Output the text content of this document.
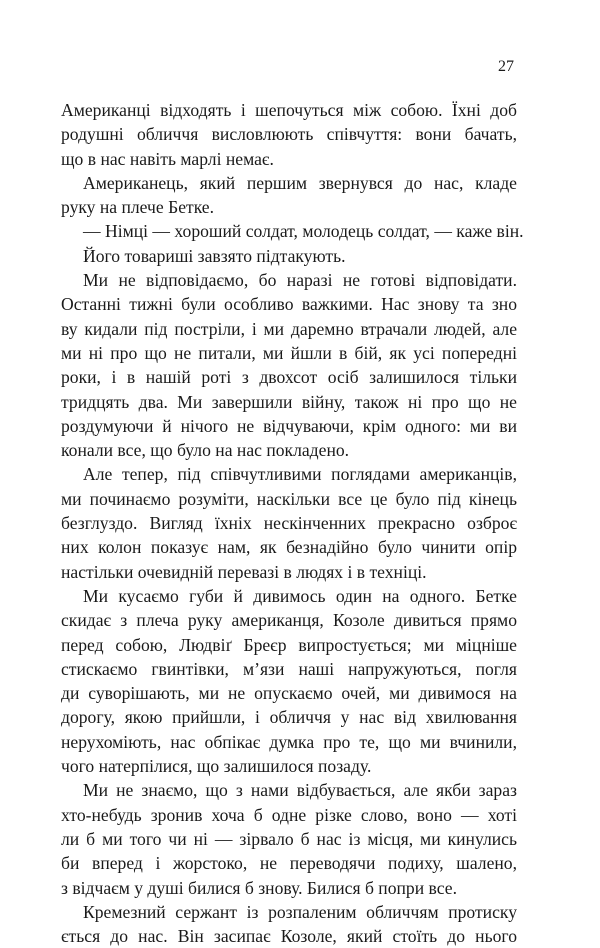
27
Американці відходять і шепочуться між собою. Їхні доб
родушні обличчя висловлюють співчуття: вони бачать,
що в нас навіть марлі немає.
Американець, який першим звернувся до нас, кладе
руку на плече Бетке.
— Німці — хороший солдат, молодець солдат, — каже він.
Його товариші завзято підтакують.
Ми не відповідаємо, бо наразі не готові відповідати.
Останні тижні були особливо важкими. Нас знову та зно
ву кидали під постріли, і ми даремно втрачали людей, але
ми ні про що не питали, ми йшли в бій, як усі попередні
роки, і в нашій роті з двохсот осіб залишилося тільки
тридцять два. Ми завершили війну, також ні про що не
роздумуючи й нічого не відчуваючи, крім одного: ми ви
конали все, що було на нас покладено.
Але тепер, під співчутливими поглядами американців,
ми починаємо розуміти, наскільки все це було під кінець
безглуздо. Вигляд їхніх нескінченних прекрасно озброє
них колон показує нам, як безнадійно було чинити опір
настільки очевидній перевазі в людях і в техніці.
Ми кусаємо губи й дивимось один на одного. Бетке
скидає з плеча руку американця, Козоле дивиться прямо
перед собою, Людвіґ Бреєр випростується; ми міцніше
стискаємо гвинтівки, м’язи наші напружуються, погля
ди суворішають, ми не опускаємо очей, ми дивимося на
дорогу, якою прийшли, і обличчя у нас від хвилювання
нерухоміють, нас обпікає думка про те, що ми вчинили,
чого натерпілися, що залишилося позаду.
Ми не знаємо, що з нами відбувається, але якби зараз
хто-небудь зронив хоча б одне різке слово, воно — хоті
ли б ми того чи ні — зірвало б нас із місця, ми кинулись
би вперед і жорстоко, не переводячи подиху, шалено,
з відчаєм у душі билися б знову. Билися б попри все.
Кремезний сержант із розпаленим обличчям протиску
ється до нас. Він засипає Козоле, який стоїть до нього
